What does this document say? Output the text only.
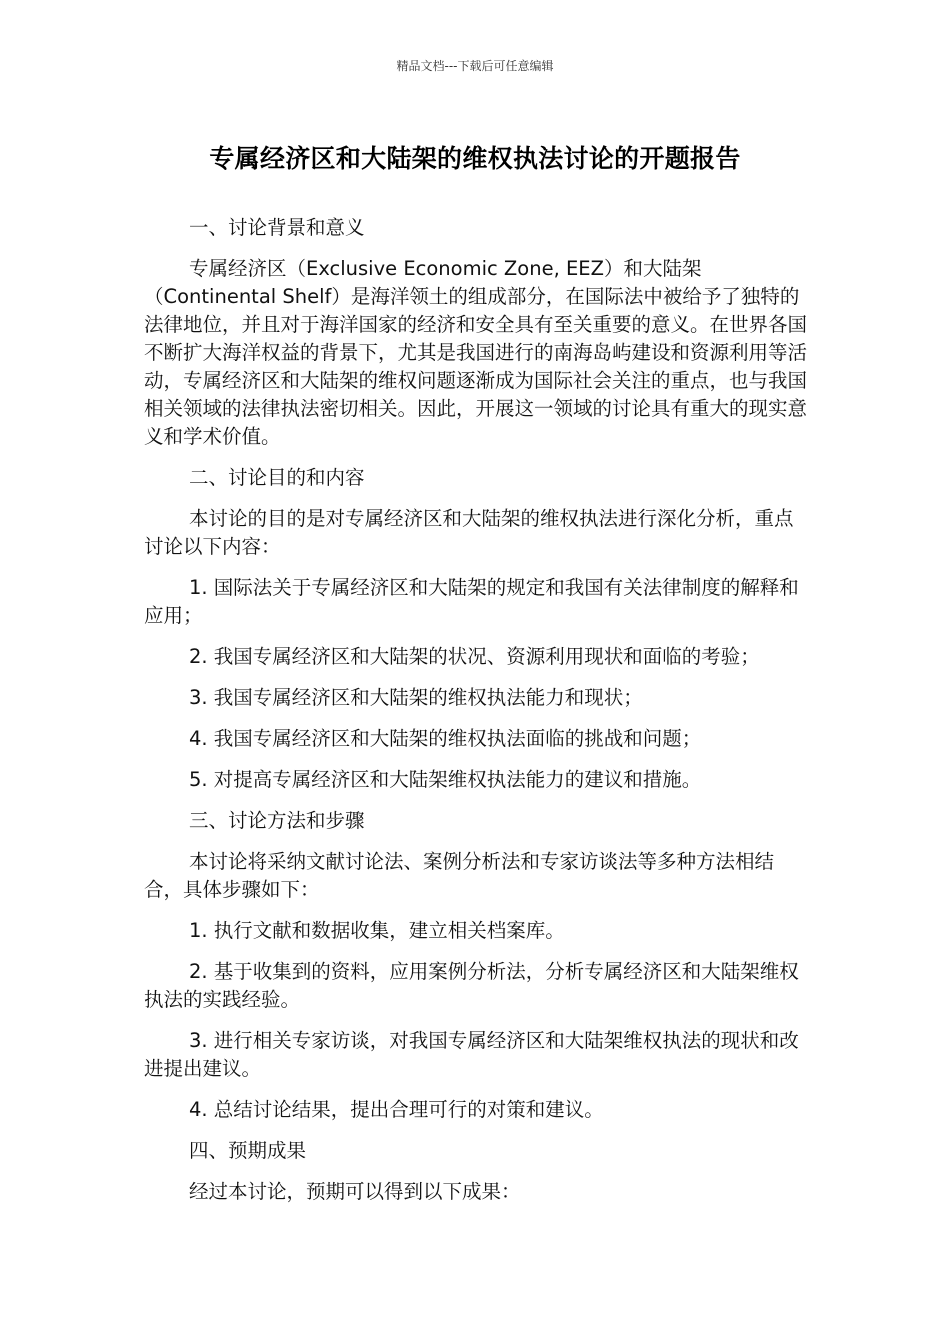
精品文档---下载后可任意编辑
专属经济区和大陆架的维权执法讨论的开题报告

一、讨论背景和意义

专属经济区（Exclusive Economic Zone, EEZ）和大陆架（Continental Shelf）是海洋领土的组成部分，在国际法中被给予了独特的法律地位，并且对于海洋国家的经济和安全具有至关重要的意义。在世界各国不断扩大海洋权益的背景下，尤其是我国进行的南海岛屿建设和资源利用等活动，专属经济区和大陆架的维权问题逐渐成为国际社会关注的重点，也与我国相关领域的法律执法密切相关。因此，开展这一领域的讨论具有重大的现实意义和学术价值。

二、讨论目的和内容

本讨论的目的是对专属经济区和大陆架的维权执法进行深化分析，重点讨论以下内容：

1. 国际法关于专属经济区和大陆架的规定和我国有关法律制度的解释和应用；

2. 我国专属经济区和大陆架的状况、资源利用现状和面临的考验；

3. 我国专属经济区和大陆架的维权执法能力和现状；

4. 我国专属经济区和大陆架的维权执法面临的挑战和问题；

5. 对提高专属经济区和大陆架维权执法能力的建议和措施。

三、讨论方法和步骤

本讨论将采纳文献讨论法、案例分析法和专家访谈法等多种方法相结合，具体步骤如下：

1. 执行文献和数据收集，建立相关档案库。

2. 基于收集到的资料，应用案例分析法，分析专属经济区和大陆架维权执法的实践经验。

3. 进行相关专家访谈，对我国专属经济区和大陆架维权执法的现状和改进提出建议。

4. 总结讨论结果，提出合理可行的对策和建议。

四、预期成果

经过本讨论，预期可以得到以下成果：
